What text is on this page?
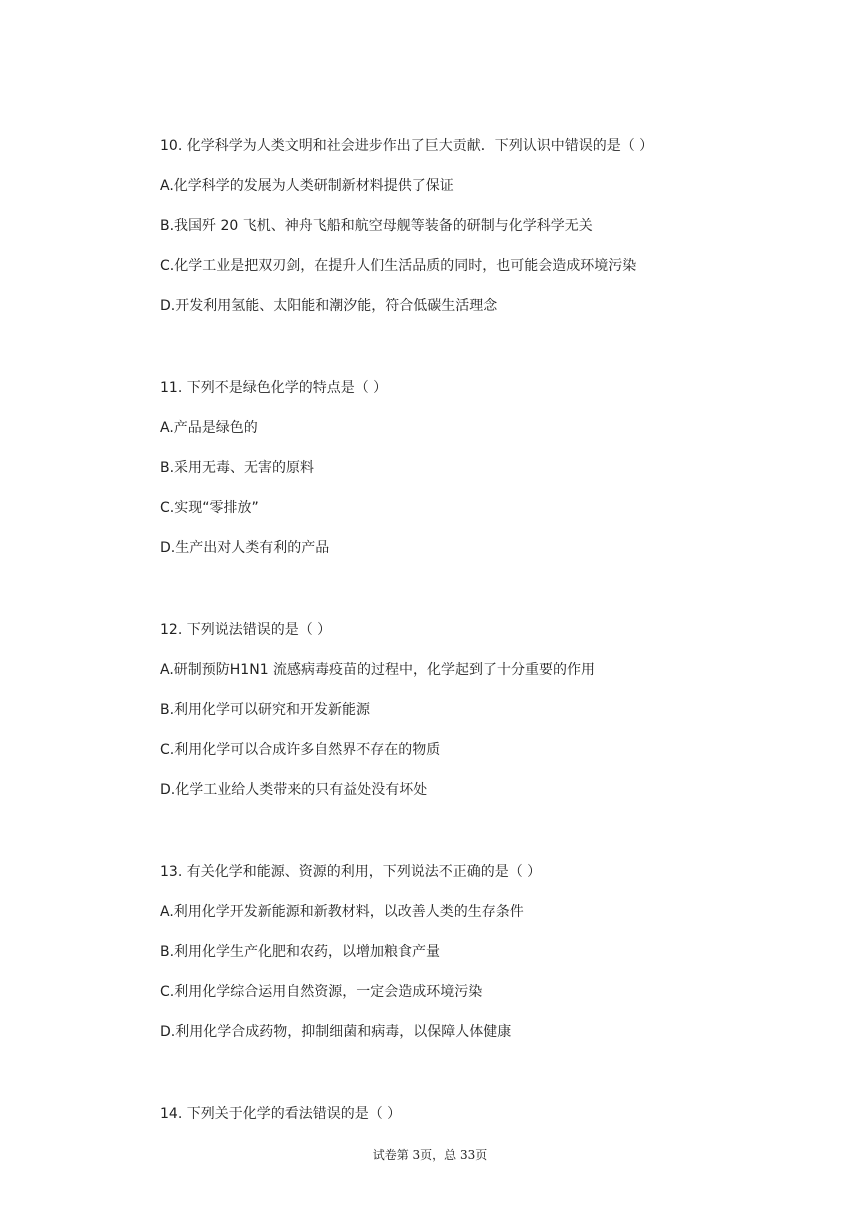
10. 化学科学为人类文明和社会进步作出了巨大贡献．下列认识中错误的是（ ）
A.化学科学的发展为人类研制新材料提供了保证
B.我国歼 20 飞机、神舟飞船和航空母舰等装备的研制与化学科学无关
C.化学工业是把双刃剑，在提升人们生活品质的同时，也可能会造成环境污染
D.开发利用氢能、太阳能和潮汐能，符合低碳生活理念
11. 下列不是绿色化学的特点是（ ）
A.产品是绿色的
B.采用无毒、无害的原料
C.实现“零排放”
D.生产出对人类有利的产品
12. 下列说法错误的是（ ）
A.研制预防H1N1 流感病毒疫苗的过程中，化学起到了十分重要的作用
B.利用化学可以研究和开发新能源
C.利用化学可以合成许多自然界不存在的物质
D.化学工业给人类带来的只有益处没有坏处
13. 有关化学和能源、资源的利用，下列说法不正确的是（ ）
A.利用化学开发新能源和新教材料，以改善人类的生存条件
B.利用化学生产化肥和农药，以增加粮食产量
C.利用化学综合运用自然资源，一定会造成环境污染
D.利用化学合成药物，抑制细菌和病毒，以保障人体健康
14. 下列关于化学的看法错误的是（ ）
试卷第 3页，总 33页
